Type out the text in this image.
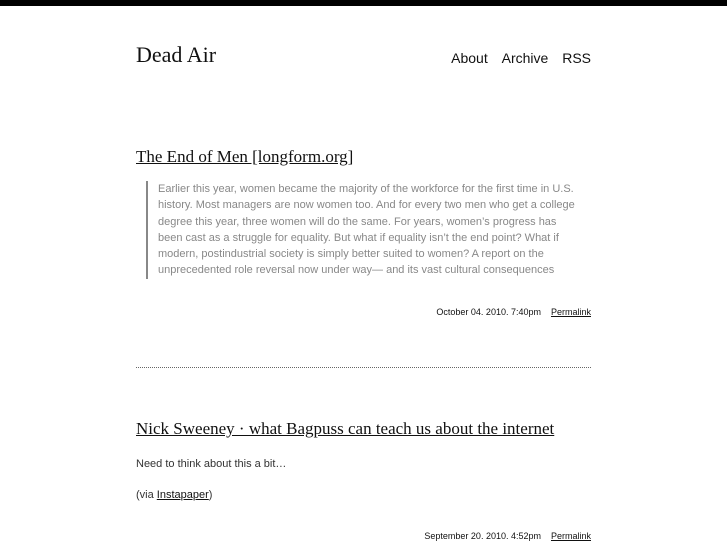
Dead Air	About Archive RSS
The End of Men [longform.org]
Earlier this year, women became the majority of the workforce for the first time in U.S. history. Most managers are now women too. And for every two men who get a college degree this year, three women will do the same. For years, women’s progress has been cast as a struggle for equality. But what if equality isn’t the end point? What if modern, postindustrial society is simply better suited to women? A report on the unprecedented role reversal now under way— and its vast cultural consequences
October 04. 2010. 7:40pm Permalink
Nick Sweeney · what Bagpuss can teach us about the internet
Need to think about this a bit…
(via Instapaper)
September 20. 2010. 4:52pm Permalink
